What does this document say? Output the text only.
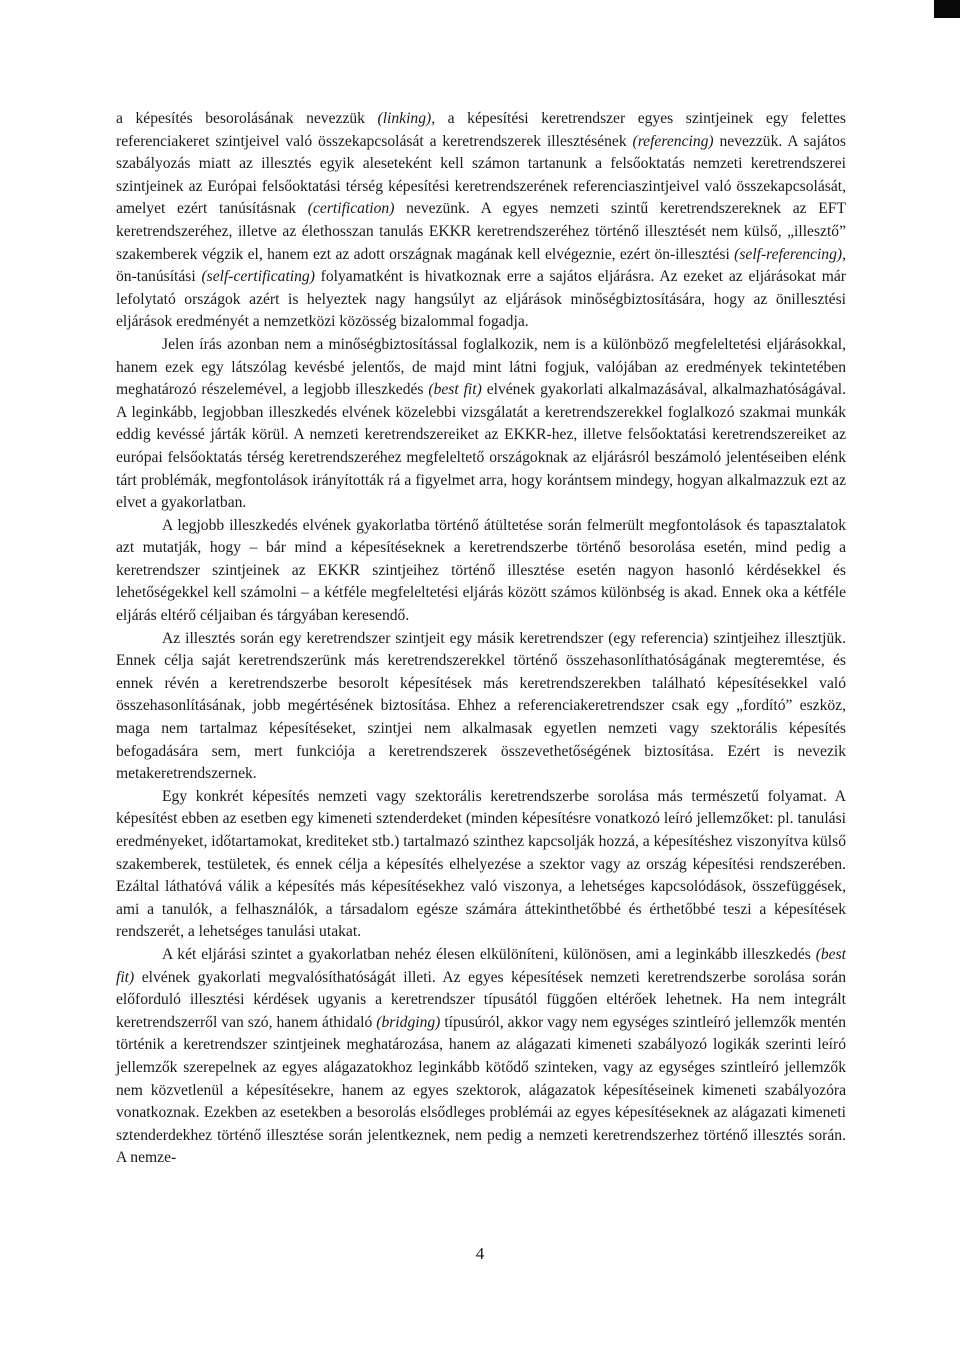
a képesítés besorolásának nevezzük (linking), a képesítési keretrendszer egyes szintjeinek egy felettes referenciakeret szintjeivel való összekapcsolását a keretrendszerek illesztésének (referencing) nevezzük. A sajátos szabályozás miatt az illesztés egyik aleseteként kell számon tartanunk a felsőoktatás nemzeti keretrendszerei szintjeinek az Európai felsőoktatási térség képesítési keretrendszerének referenciaszintjeivel való összekapcsolását, amelyet ezért tanúsításnak (certification) nevezünk. A egyes nemzeti szintű keretrendszereknek az EFT keretrendszeréhez, illetve az élethosszan tanulás EKKR keretrendszeréhez történő illesztését nem külső, „illesztő” szakemberek végzik el, hanem ezt az adott országnak magának kell elvégeznie, ezért ön-illesztési (self-referencing), ön-tanúsítási (self-certificating) folyamatként is hivatkoznak erre a sajátos eljárásra. Az ezeket az eljárásokat már lefolytató országok azért is helyeztek nagy hangsúlyt az eljárások minőségbiztosítására, hogy az önillesztési eljárások eredményét a nemzetközi közösség bizalommal fogadja.

Jelen írás azonban nem a minőségbiztosítással foglalkozik, nem is a különböző megfeleltetési eljárásokkal, hanem ezek egy látszólag kevésbé jelentős, de majd mint látni fogjuk, valójában az eredmények tekintetében meghatározó részelemével, a legjobb illeszkedés (best fit) elvének gyakorlati alkalmazásával, alkalmazhatóságával. A leginkább, legjobban illeszkedés elvének közelebbi vizsgálatát a keretrendszerekkel foglalkozó szakmai munkák eddig kevéssé járták körül. A nemzeti keretrendszereiket az EKKR-hez, illetve felsőoktatási keretrendszereiket az európai felsőoktatás térség keretrendszeréhez megfeleltető országoknak az eljárásról beszámoló jelentéseiben elénk tárt problémák, megfontolások irányították rá a figyelmet arra, hogy korántsem mindegy, hogyan alkalmazzuk ezt az elvet a gyakorlatban.

A legjobb illeszkedés elvének gyakorlatba történő átültetése során felmerült megfontolások és tapasztalatok azt mutatják, hogy – bár mind a képesítéseknek a keretrendszerbe történő besorolása esetén, mind pedig a keretrendszer szintjeinek az EKKR szintjeihez történő illesztése esetén nagyon hasonló kérdésekkel és lehetőségekkel kell számolni – a kétféle megfeleltetési eljárás között számos különbség is akad. Ennek oka a kétféle eljárás eltérő céljaiban és tárgyában keresendő.

Az illesztés során egy keretrendszer szintjeit egy másik keretrendszer (egy referencia) szintjeihez illesztjük. Ennek célja saját keretrendszerünk más keretrendszerekkel történő összehasonlíthatóságának megteremtése, és ennek révén a keretrendszerbe besorolt képesítések más keretrendszerekben található képesítésekkel való összehasonlításának, jobb megértésének biztosítása. Ehhez a referenciakeretrendszer csak egy „fordító” eszköz, maga nem tartalmaz képesítéseket, szintjei nem alkalmasak egyetlen nemzeti vagy szektorális képesítés befogadására sem, mert funkciója a keretrendszerek összevethetőségének biztosítása. Ezért is nevezik metakeretrendszernek.

Egy konkrét képesítés nemzeti vagy szektorális keretrendszerbe sorolása más természetű folyamat. A képesítést ebben az esetben egy kimeneti sztenderdeket (minden képesítésre vonatkozó leíró jellemzőket: pl. tanulási eredményeket, időtartamokat, krediteket stb.) tartalmazó szinthez kapcsolják hozzá, a képesítéshez viszonyítva külső szakemberek, testületek, és ennek célja a képesítés elhelyezése a szektor vagy az ország képesítési rendszerében. Ezáltal láthatóvá válik a képesítés más képesítésekhez való viszonya, a lehetséges kapcsolódások, összefüggések, ami a tanulók, a felhasználók, a társadalom egésze számára áttekinthetőbbé és érthetőbbé teszi a képesítések rendszerét, a lehetséges tanulási utakat.

A két eljárási szintet a gyakorlatban nehéz élesen elkülöníteni, különösen, ami a leginkább illeszkedés (best fit) elvének gyakorlati megvalósíthatóságát illeti. Az egyes képesítések nemzeti keretrendszerbe sorolása során előforduló illesztési kérdések ugyanis a keretrendszer típusától függően eltérőek lehetnek. Ha nem integrált keretrendszerről van szó, hanem áthidaló (bridging) típusúról, akkor vagy nem egységes szintleíró jellemzők mentén történik a keretrendszer szintjeinek meghatározása, hanem az alágazati kimeneti szabályozó logikák szerinti leíró jellemzők szerepelnek az egyes alágazatokhoz leginkább kötődő szinteken, vagy az egységes szintleíró jellemzők nem közvetlenül a képesítésekre, hanem az egyes szektorok, alágazatok képesítéseinek kimeneti szabályozóra vonatkoznak. Ezekben az esetekben a besorolás elsődleges problémái az egyes képesítéseknek az alágazati kimeneti sztenderdekhez történő illesztése során jelentkeznek, nem pedig a nemzeti keretrendszerhez történő illesztés során. A nemze-

4
